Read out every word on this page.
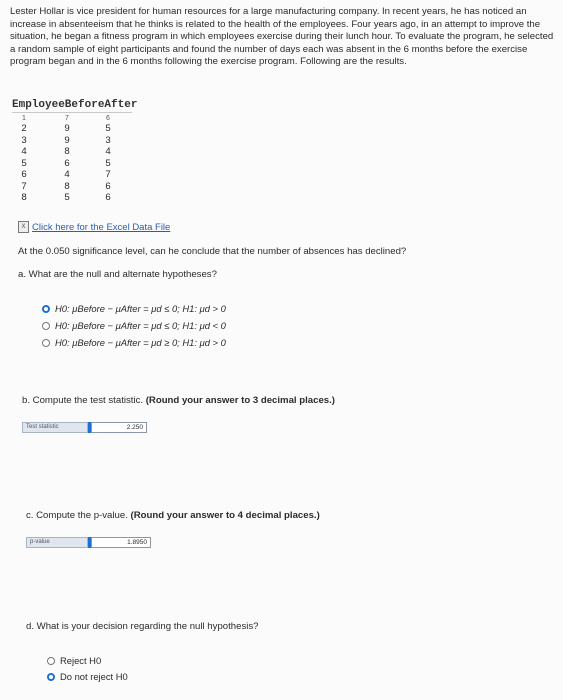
Lester Hollar is vice president for human resources for a large manufacturing company. In recent years, he has noticed an increase in absenteeism that he thinks is related to the health of the employees. Four years ago, in an attempt to improve the situation, he began a fitness program in which employees exercise during their lunch hour. To evaluate the program, he selected a random sample of eight participants and found the number of days each was absent in the 6 months before the exercise program began and in the 6 months following the exercise program. Following are the results.
EmployeeBeforeAfter
1	7	6
2	9	5
3	9	3
4	8	4
5	6	5
6	4	7
7	8	6
8	5	6
X Click here for the Excel Data File
At the 0.050 significance level, can he conclude that the number of absences has declined?
a. What are the null and alternate hypotheses?
H0: μBefore − μAfter = μd ≤ 0; H1: μd > 0
H0: μBefore − μAfter = μd ≤ 0; H1: μd < 0
H0: μBefore − μAfter = μd ≥ 0; H1: μd > 0
b. Compute the test statistic. (Round your answer to 3 decimal places.)
Test statistic	2.250
c. Compute the p-value. (Round your answer to 4 decimal places.)
p-value	1.8950
d. What is your decision regarding the null hypothesis?
Reject H0
Do not reject H0
